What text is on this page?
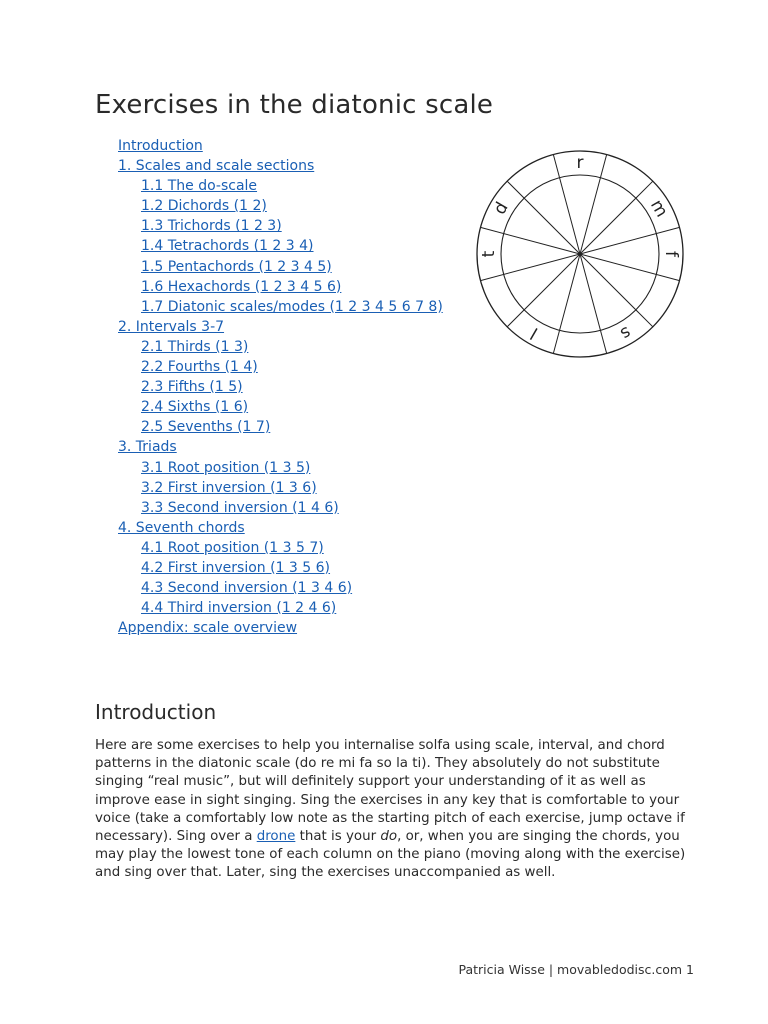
Exercises in the diatonic scale
Introduction
1. Scales and scale sections
1.1 The do-scale
1.2 Dichords (1 2)
1.3 Trichords (1 2 3)
1.4 Tetrachords (1 2 3 4)
1.5 Pentachords (1 2 3 4 5)
1.6 Hexachords (1 2 3 4 5 6)
1.7 Diatonic scales/modes (1 2 3 4 5 6 7 8)
2. Intervals 3-7
2.1 Thirds (1 3)
2.2 Fourths (1 4)
2.3 Fifths (1 5)
2.4 Sixths (1 6)
2.5 Sevenths (1 7)
3. Triads
3.1 Root position (1 3 5)
3.2 First inversion (1 3 6)
3.3 Second inversion (1 4 6)
4. Seventh chords
4.1 Root position (1 3 5 7)
4.2 First inversion (1 3 5 6)
4.3 Second inversion (1 3 4 6)
4.4 Third inversion (1 2 4 6)
Appendix: scale overview
r
m
f
s
l
t
d
Introduction

Here are some exercises to help you internalise solfa using scale, interval, and chord patterns in the diatonic scale (do re mi fa so la ti). They absolutely do not substitute singing “real music”, but will definitely support your understanding of it as well as improve ease in sight singing. Sing the exercises in any key that is comfortable to your voice (take a comfortably low note as the starting pitch of each exercise, jump octave if necessary). Sing over a drone that is your do, or, when you are singing the chords, you may play the lowest tone of each column on the piano (moving along with the exercise) and sing over that. Later, sing the exercises unaccompanied as well.

Patricia Wisse | movabledodisc.com 1
